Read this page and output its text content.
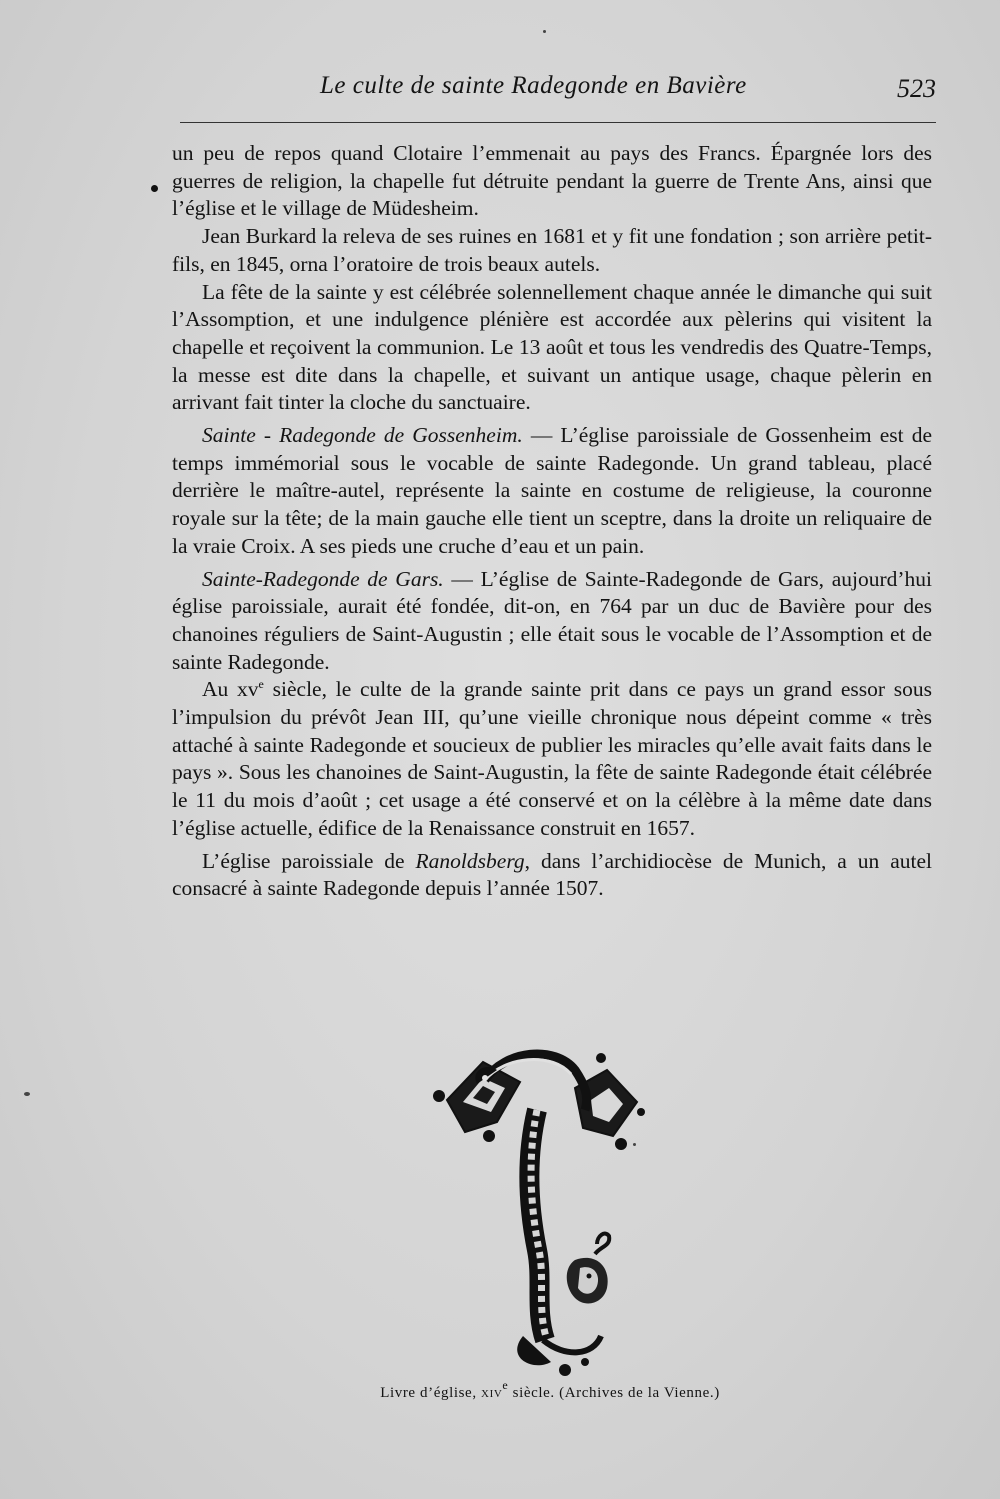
Le culte de sainte Radegonde en Bavière	523

un peu de repos quand Clotaire l’emmenait au pays des Francs. Épargnée lors des guerres de religion, la chapelle fut détruite pendant la guerre de Trente Ans, ainsi que l’église et le village de Müdesheim.

Jean Burkard la releva de ses ruines en 1681 et y fit une fondation ; son arrière petit-fils, en 1845, orna l’oratoire de trois beaux autels.

La fête de la sainte y est célébrée solennellement chaque année le dimanche qui suit l’Assomption, et une indulgence plénière est accordée aux pèlerins qui visitent la chapelle et reçoivent la communion. Le 13 août et tous les vendredis des Quatre-Temps, la messe est dite dans la chapelle, et suivant un antique usage, chaque pèlerin en arrivant fait tinter la cloche du sanctuaire.

Sainte - Radegonde de Gossenheim. — L’église paroissiale de Gossenheim est de temps immémorial sous le vocable de sainte Radegonde. Un grand tableau, placé derrière le maître-autel, représente la sainte en costume de religieuse, la couronne royale sur la tête; de la main gauche elle tient un sceptre, dans la droite un reliquaire de la vraie Croix. A ses pieds une cruche d’eau et un pain.

Sainte-Radegonde de Gars. — L’église de Sainte-Radegonde de Gars, aujourd’hui église paroissiale, aurait été fondée, dit-on, en 764 par un duc de Bavière pour des chanoines réguliers de Saint-Augustin ; elle était sous le vocable de l’Assomption et de sainte Radegonde.

Au $xv^e$ siècle, le culte de la grande sainte prit dans ce pays un grand essor sous l’impulsion du prévôt Jean III, qu’une vieille chronique nous dépeint comme « très attaché à sainte Radegonde et soucieux de publier les miracles qu’elle avait faits dans le pays ». Sous les chanoines de Saint-Augustin, la fête de sainte Radegonde était célébrée le 11 du mois d’août ; cet usage a été conservé et on la célèbre à la même date dans l’église actuelle, édifice de la Renaissance construit en 1657.

L’église paroissiale de Ranoldsberg, dans l’archidiocèse de Munich, a un autel consacré à sainte Radegonde depuis l’année 1507.

Livre d’église, xiv$^e$ siècle. (Archives de la Vienne.)
